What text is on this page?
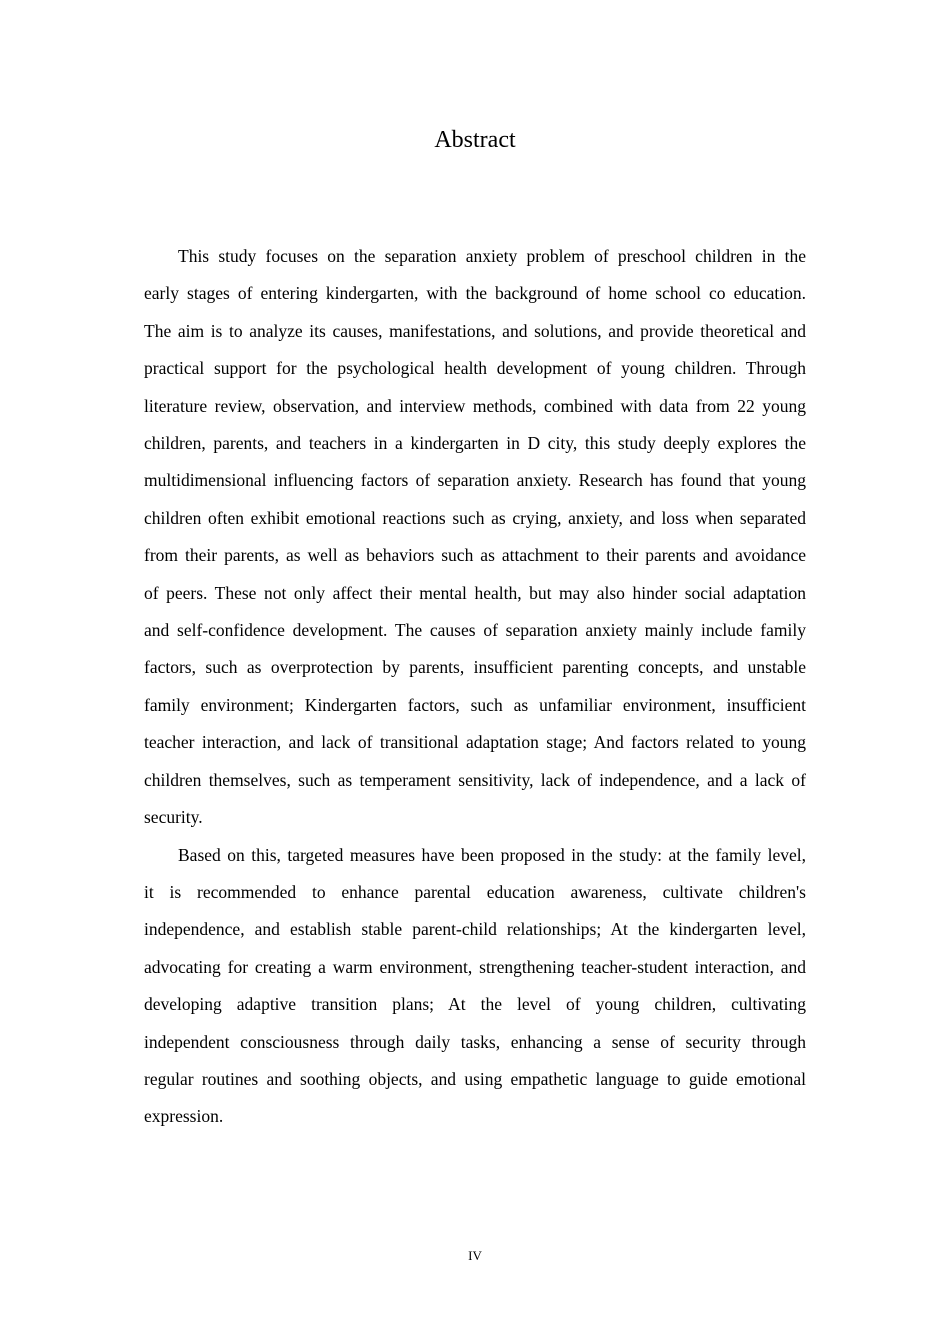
Abstract

This study focuses on the separation anxiety problem of preschool children in the early stages of entering kindergarten, with the background of home school co education. The aim is to analyze its causes, manifestations, and solutions, and provide theoretical and practical support for the psychological health development of young children. Through literature review, observation, and interview methods, combined with data from 22 young children, parents, and teachers in a kindergarten in D city, this study deeply explores the multidimensional influencing factors of separation anxiety. Research has found that young children often exhibit emotional reactions such as crying, anxiety, and loss when separated from their parents, as well as behaviors such as attachment to their parents and avoidance of peers. These not only affect their mental health, but may also hinder social adaptation and self-confidence development. The causes of separation anxiety mainly include family factors, such as overprotection by parents, insufficient parenting concepts, and unstable family environment; Kindergarten factors, such as unfamiliar environment, insufficient teacher interaction, and lack of transitional adaptation stage; And factors related to young children themselves, such as temperament sensitivity, lack of independence, and a lack of security.

Based on this, targeted measures have been proposed in the study: at the family level, it is recommended to enhance parental education awareness, cultivate children's independence, and establish stable parent-child relationships; At the kindergarten level, advocating for creating a warm environment, strengthening teacher-student interaction, and developing adaptive transition plans; At the level of young children, cultivating independent consciousness through daily tasks, enhancing a sense of security through regular routines and soothing objects, and using empathetic language to guide emotional expression.

IV
